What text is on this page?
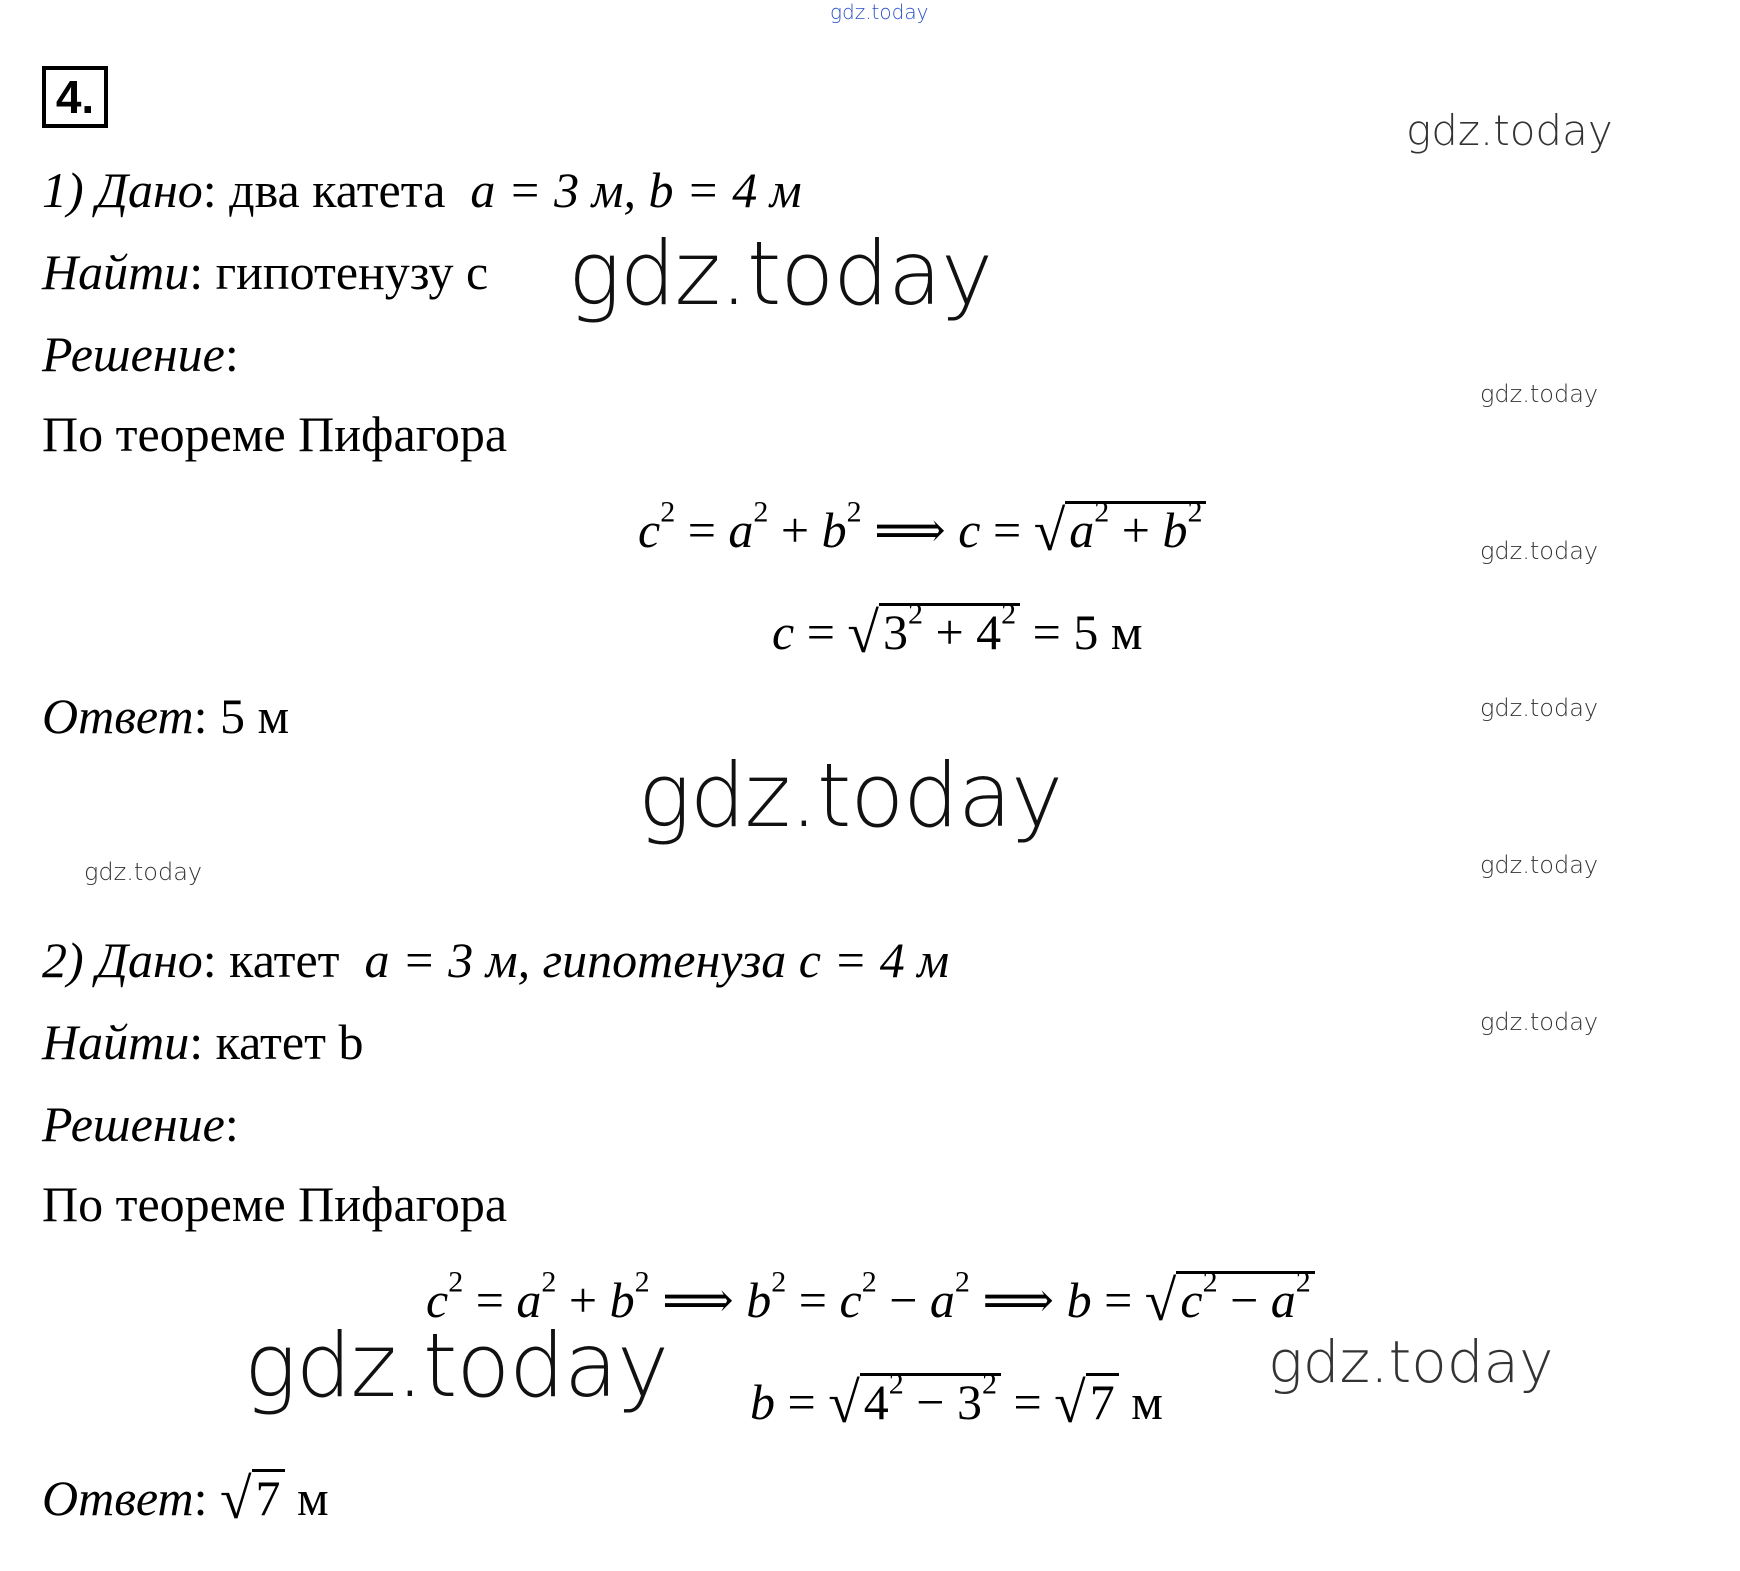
gdz.today
4.
gdz.today
gdz.today
gdz.today
gdz.today
gdz.today
gdz.today
gdz.today
1) Дано: два катета a = 3 м, b = 4 м
Найти: гипотенузу c gdz.today
Решение:
По теореме Пифагора
$c^2 = a^2 + b^2$ ⟹ $c = √a^2 + b^2$
$c = √3^2 + 4^2 = 5$ м
Ответ: 5 м
gdz.today
2) Дано: катет a = 3 м, гипотенуза c = 4 м
Найти: катет b
Решение:
По теореме Пифагора
$c^2 = a^2 + b^2$ ⟹ $b^2 = c^2 - a^2$ ⟹ $b = √c^2 - a^2$
gdz.today $b = √4^2 - 3^2 = √7$ м
gdz.today
Ответ: √7 м
